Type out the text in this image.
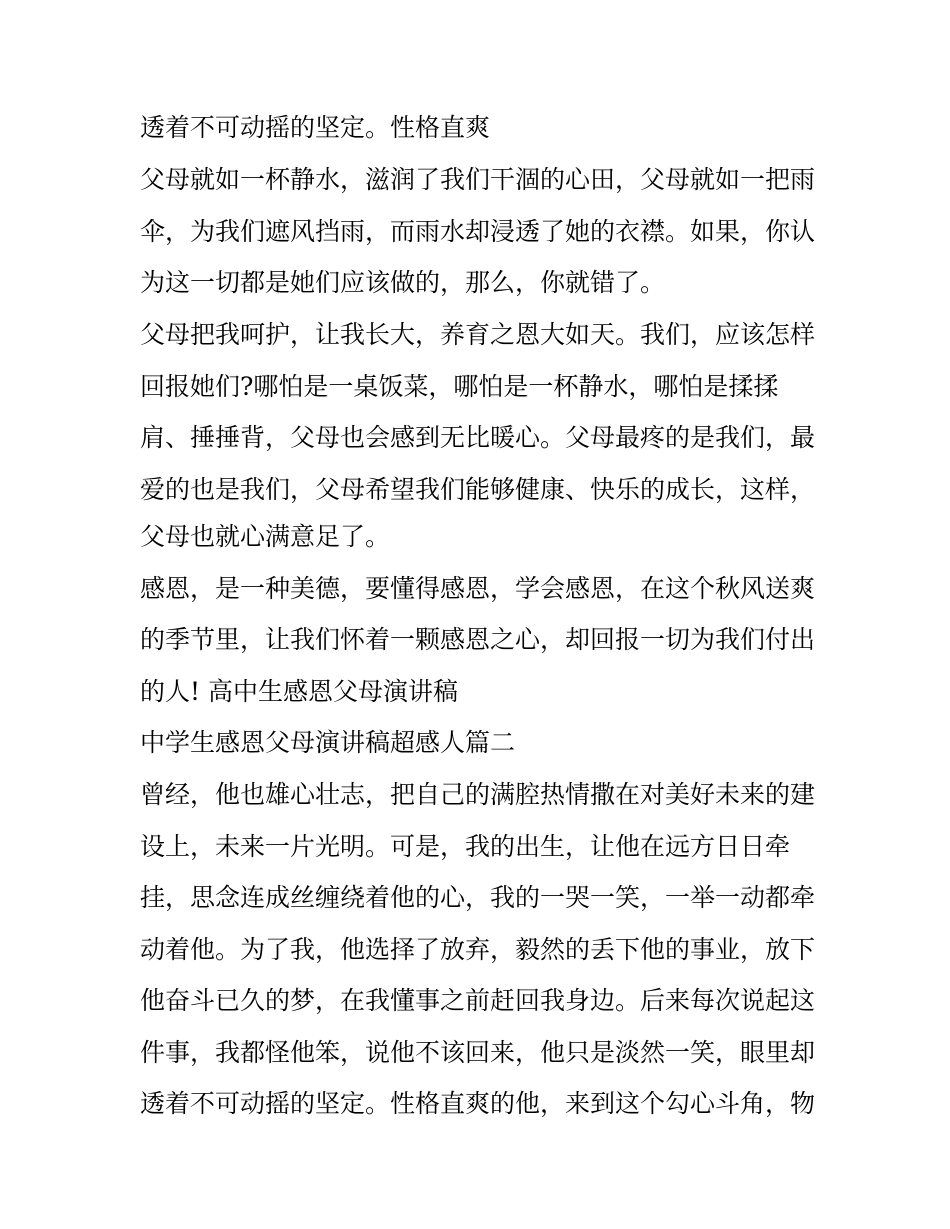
透着不可动摇的坚定。性格直爽
父母就如一杯静水，滋润了我们干涸的心田，父母就如一把雨
伞，为我们遮风挡雨，而雨水却浸透了她的衣襟。如果，你认
为这一切都是她们应该做的，那么，你就错了。
父母把我呵护，让我长大，养育之恩大如天。我们，应该怎样
回报她们?哪怕是一桌饭菜，哪怕是一杯静水，哪怕是揉揉
肩、捶捶背，父母也会感到无比暖心。父母最疼的是我们，最
爱的也是我们，父母希望我们能够健康、快乐的成长，这样，
父母也就心满意足了。
感恩，是一种美德，要懂得感恩，学会感恩，在这个秋风送爽
的季节里，让我们怀着一颗感恩之心，却回报一切为我们付出
的人! 高中生感恩父母演讲稿
中学生感恩父母演讲稿超感人篇二
曾经，他也雄心壮志，把自己的满腔热情撒在对美好未来的建
设上，未来一片光明。可是，我的出生，让他在远方日日牵
挂，思念连成丝缠绕着他的心，我的一哭一笑，一举一动都牵
动着他。为了我，他选择了放弃，毅然的丢下他的事业，放下
他奋斗已久的梦，在我懂事之前赶回我身边。后来每次说起这
件事，我都怪他笨，说他不该回来，他只是淡然一笑，眼里却
透着不可动摇的坚定。性格直爽的他，来到这个勾心斗角，物
